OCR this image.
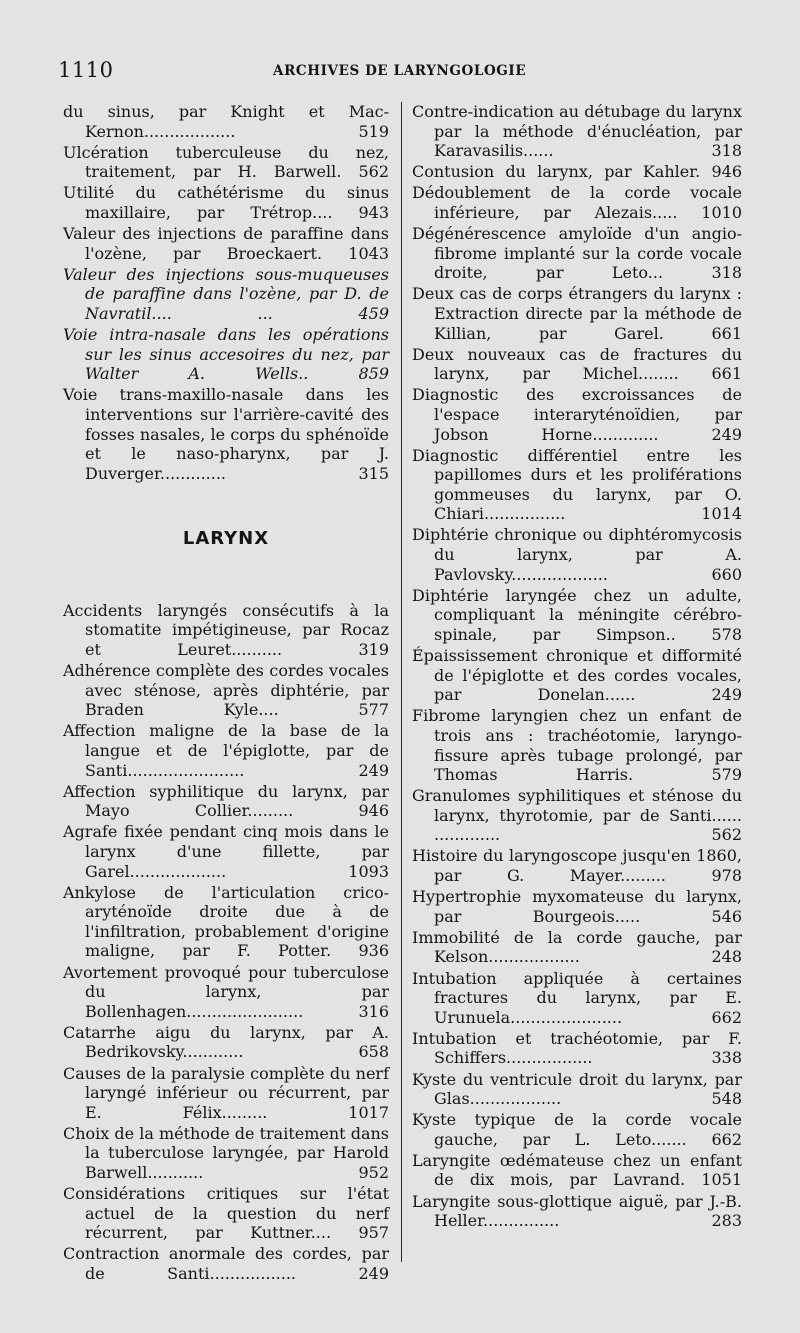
1110	ARCHIVES DE LARYNGOLOGIE

du sinus, par Knight et Mac-Kernon.................. 519

Ulcération tuberculeuse du nez, traitement, par H. Barwell. 562

Utilité du cathétérisme du sinus maxillaire, par Trétrop.... 943

Valeur des injections de paraffine dans l'ozène, par Broeckaert. 1043

Valeur des injections sous-muqueuses de paraffine dans l'ozène, par D. de Navratil.... ... 459

Voie intra-nasale dans les opérations sur les sinus accesoires du nez, par Walter A. Wells.. 859

Voie trans-maxillo-nasale dans les interventions sur l'arrière-cavité des fosses nasales, le corps du sphénoïde et le naso-pharynx, par J. Duverger............. 315

LARYNX

Accidents laryngés consécutifs à la stomatite impétigineuse, par Rocaz et Leuret.......... 319

Adhérence complète des cordes vocales avec sténose, après diphtérie, par Braden Kyle.... 577

Affection maligne de la base de la langue et de l'épiglotte, par de Santi....................... 249

Affection syphilitique du larynx, par Mayo Collier......... 946

Agrafe fixée pendant cinq mois dans le larynx d'une fillette, par Garel................... 1093

Ankylose de l'articulation crico-aryténoïde droite due à de l'infiltration, probablement d'origine maligne, par F. Potter. 936

Avortement provoqué pour tuberculose du larynx, par Bollenhagen....................... 316

Catarrhe aigu du larynx, par A. Bedrikovsky............ 658

Causes de la paralysie complète du nerf laryngé inférieur ou récurrent, par E. Félix......... 1017

Choix de la méthode de traitement dans la tuberculose laryngée, par Harold Barwell........... 952

Considérations critiques sur l'état actuel de la question du nerf récurrent, par Kuttner.... 957

Contraction anormale des cordes, par de Santi................. 249

Contre-indication au détubage du larynx par la méthode d'énucléation, par Karavasilis...... 318

Contusion du larynx, par Kahler. 946

Dédoublement de la corde vocale inférieure, par Alezais..... 1010

Dégénérescence amyloïde d'un angio-fibrome implanté sur la corde vocale droite, par Leto... 318

Deux cas de corps étrangers du larynx : Extraction directe par la méthode de Killian, par Garel. 661

Deux nouveaux cas de fractures du larynx, par Michel........ 661

Diagnostic des excroissances de l'espace interaryténoïdien, par Jobson Horne............. 249

Diagnostic différentiel entre les papillomes durs et les proliférations gommeuses du larynx, par O. Chiari................ 1014

Diphtérie chronique ou diphtéromycosis du larynx, par A. Pavlovsky................... 660

Diphtérie laryngée chez un adulte, compliquant la méningite cérébro-spinale, par Simpson.. 578

Épaississement chronique et difformité de l'épiglotte et des cordes vocales, par Donelan...... 249

Fibrome laryngien chez un enfant de trois ans : trachéotomie, laryngo-fissure après tubage prolongé, par Thomas Harris. 579

Granulomes syphilitiques et sténose du larynx, thyrotomie, par de Santi...... ............. 562

Histoire du laryngoscope jusqu'en 1860, par G. Mayer......... 978

Hypertrophie myxomateuse du larynx, par Bourgeois..... 546

Immobilité de la corde gauche, par Kelson.................. 248

Intubation appliquée à certaines fractures du larynx, par E. Urunuela...................... 662

Intubation et trachéotomie, par F. Schiffers................. 338

Kyste du ventricule droit du larynx, par Glas.................. 548

Kyste typique de la corde vocale gauche, par L. Leto....... 662

Laryngite œdémateuse chez un enfant de dix mois, par Lavrand. 1051

Laryngite sous-glottique aiguë, par J.-B. Heller............... 283
